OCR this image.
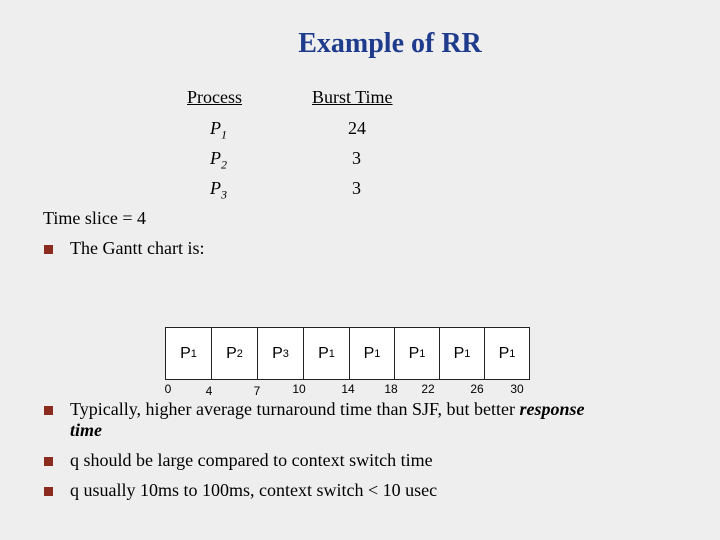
Example of RR
Process	Burst Time
$P_1$	24
$P_2$	3
$P_3$	3
Time slice = 4
The Gantt chart is:
P 1 P 2 P 3 P 1 P 1 P 1 P 1 P 1
0	4	7	10	14 18 22	26 30
Typically, higher average turnaround time than SJF, but better response
time
q should be large compared to context switch time
q usually 10ms to 100ms, context switch < 10 usec
